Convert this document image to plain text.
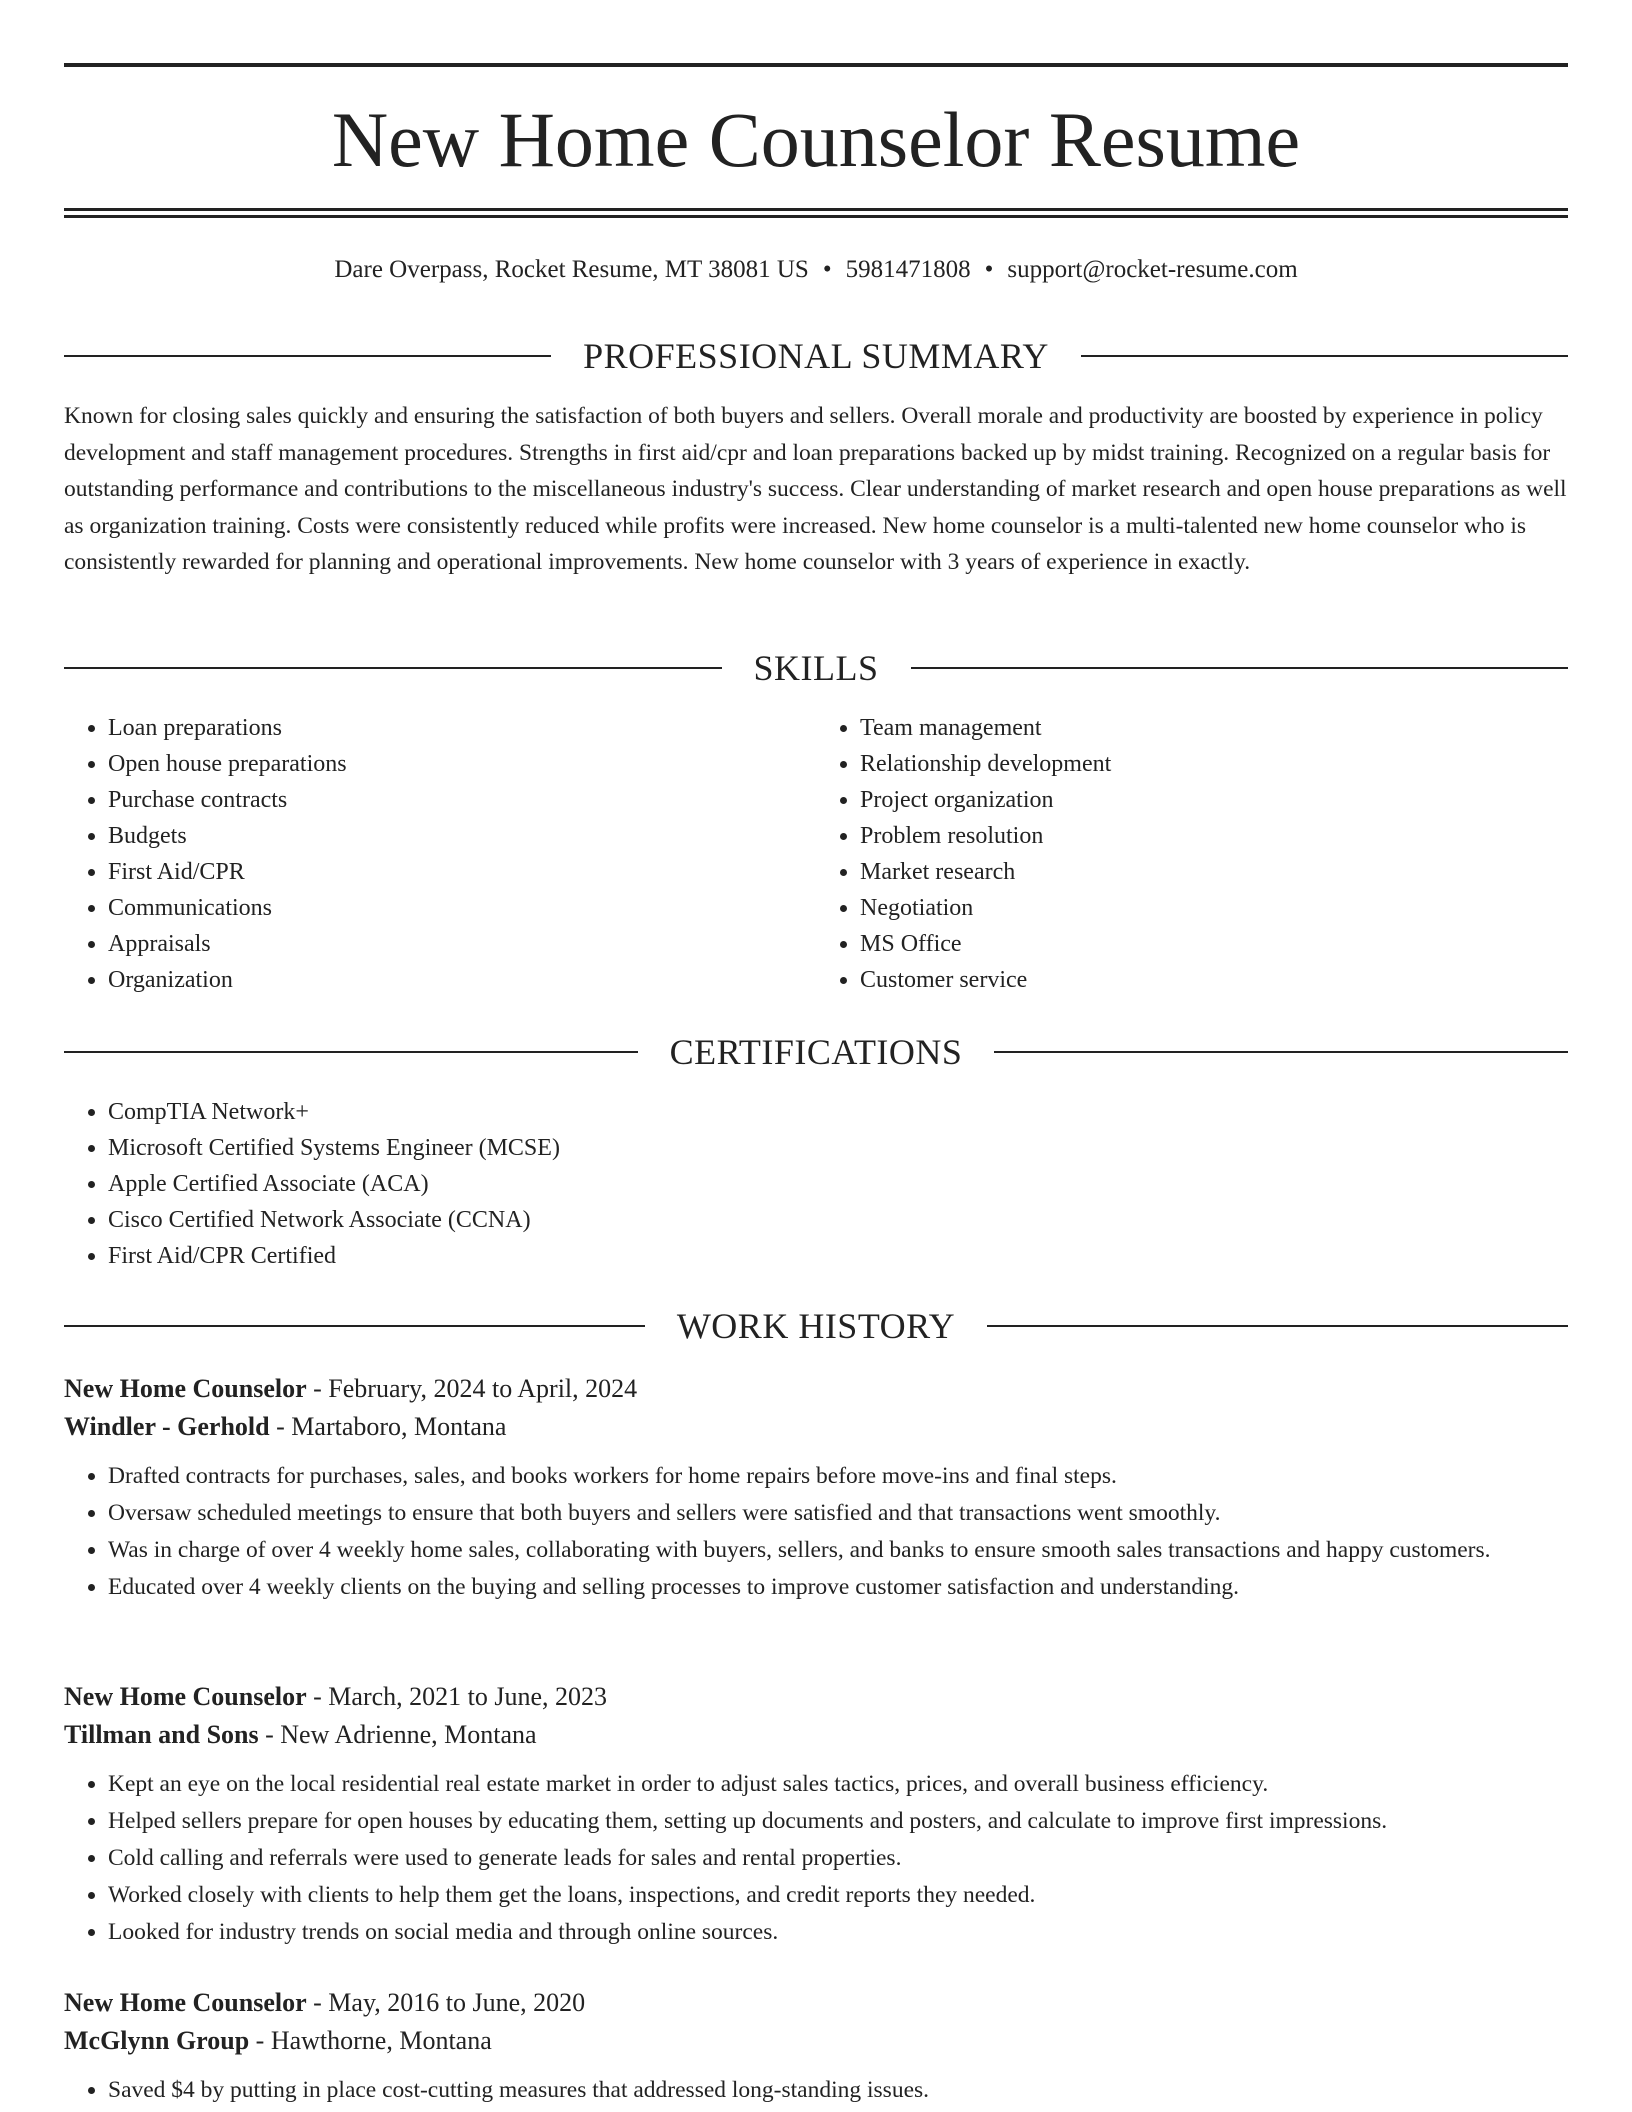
New Home Counselor Resume
Dare Overpass, Rocket Resume, MT 38081 US • 5981471808 • support@rocket-resume.com
PROFESSIONAL SUMMARY

Known for closing sales quickly and ensuring the satisfaction of both buyers and sellers. Overall morale and productivity are boosted by experience in policy development and staff management procedures. Strengths in first aid/cpr and loan preparations backed up by midst training. Recognized on a regular basis for outstanding performance and contributions to the miscellaneous industry's success. Clear understanding of market research and open house preparations as well as organization training. Costs were consistently reduced while profits were increased. New home counselor is a multi-talented new home counselor who is consistently rewarded for planning and operational improvements. New home counselor with 3 years of experience in exactly.

SKILLS
• Loan preparations
• Open house preparations
• Purchase contracts
• Budgets
• First Aid/CPR
• Communications
• Appraisals
• Organization
• Team management
• Relationship development
• Project organization
• Problem resolution
• Market research
• Negotiation
• MS Office
• Customer service
CERTIFICATIONS
• CompTIA Network+
• Microsoft Certified Systems Engineer (MCSE)
• Apple Certified Associate (ACA)
• Cisco Certified Network Associate (CCNA)
• First Aid/CPR Certified
WORK HISTORY

New Home Counselor - February, 2024 to April, 2024

Windler - Gerhold - Martaboro, Montana

• Drafted contracts for purchases, sales, and books workers for home repairs before move-ins and final steps.
• Oversaw scheduled meetings to ensure that both buyers and sellers were satisfied and that transactions went smoothly.
• Was in charge of over 4 weekly home sales, collaborating with buyers, sellers, and banks to ensure smooth sales transactions and happy customers.
• Educated over 4 weekly clients on the buying and selling processes to improve customer satisfaction and understanding.

New Home Counselor - March, 2021 to June, 2023

Tillman and Sons - New Adrienne, Montana

• Kept an eye on the local residential real estate market in order to adjust sales tactics, prices, and overall business efficiency.
• Helped sellers prepare for open houses by educating them, setting up documents and posters, and calculate to improve first impressions.
• Cold calling and referrals were used to generate leads for sales and rental properties.
• Worked closely with clients to help them get the loans, inspections, and credit reports they needed.
• Looked for industry trends on social media and through online sources.

New Home Counselor - May, 2016 to June, 2020

McGlynn Group - Hawthorne, Montana

• Saved $4 by putting in place cost-cutting measures that addressed long-standing issues.
